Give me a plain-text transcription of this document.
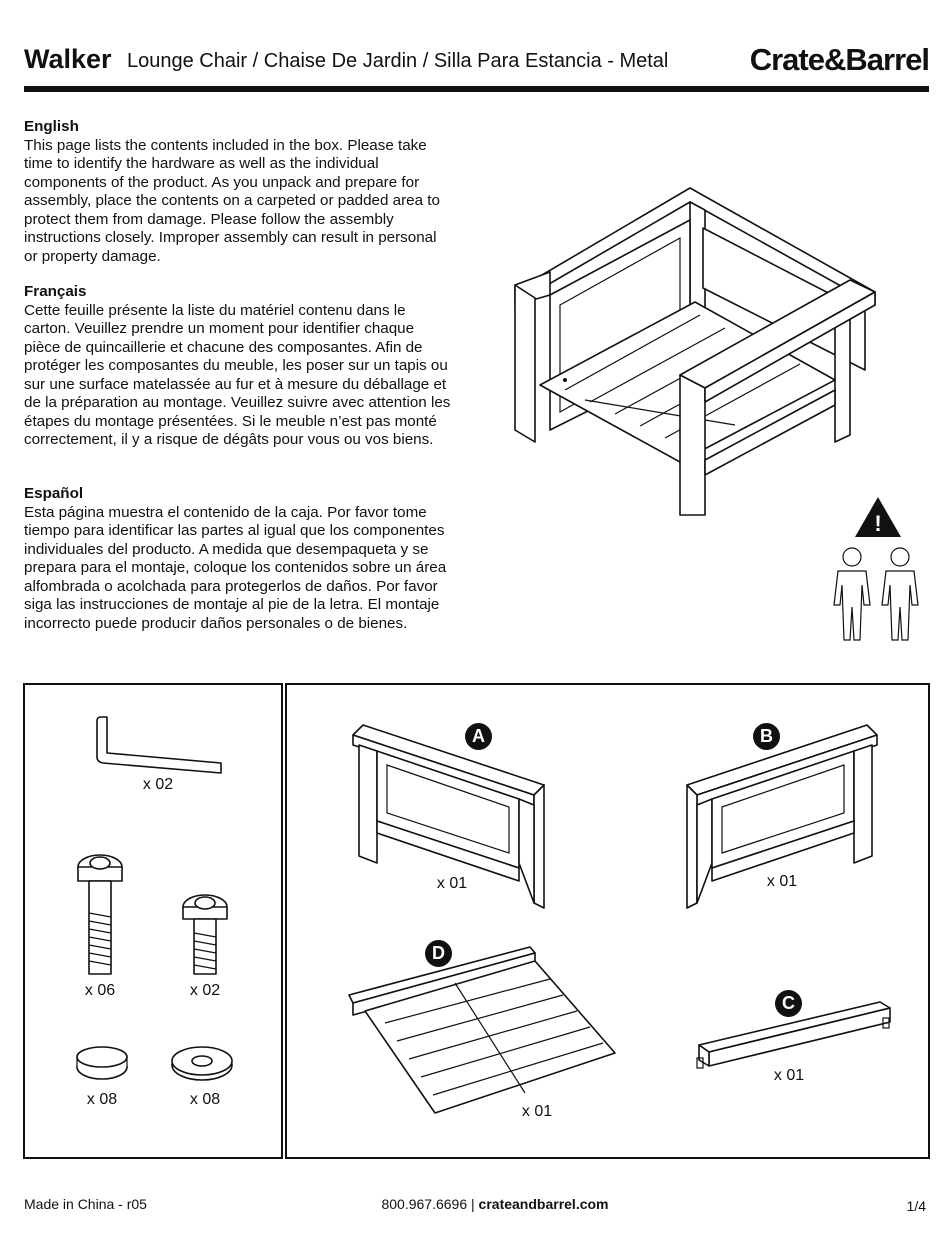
Walker Lounge Chair / Chaise De Jardin / Silla Para Estancia - Metal	Crate&Barrel
English

This page lists the contents included in the box. Please take time to identify the hardware as well as the individual components of the product. As you unpack and prepare for assembly, place the contents on a carpeted or padded area to protect them from damage. Please follow the assembly instructions closely. Improper assembly can result in personal or property damage.

Français

Cette feuille présente la liste du matériel contenu dans le carton. Veuillez prendre un moment pour identifier chaque pièce de quincaillerie et chacune des composantes. Afin de protéger les composantes du meuble, les poser sur un tapis ou sur une surface matelassée au fur et à mesure du déballage et de la préparation au montage. Veuillez suivre avec attention les étapes du montage présentées. Si le meuble n’est pas monté correctement, il y a risque de dégâts pour vous ou vos biens.

Español

Esta página muestra el contenido de la caja. Por favor tome tiempo para identificar las partes al igual que los componentes individuales del producto. A medida que desempaqueta y se prepara para el montaje, coloque los contenidos sobre un área alfombrada o acolchada para protegerlos de daños. Por favor siga las instrucciones de montaje al pie de la letra. El montaje incorrecto puede producir daños personales o de bienes.

!
x 02
x 06	x 02
x 08	x 08
A
x 01
B
x 01
D
x 01
C
x 01
Made in China - r05	800.967.6696 | crateandbarrel.com	1/4
